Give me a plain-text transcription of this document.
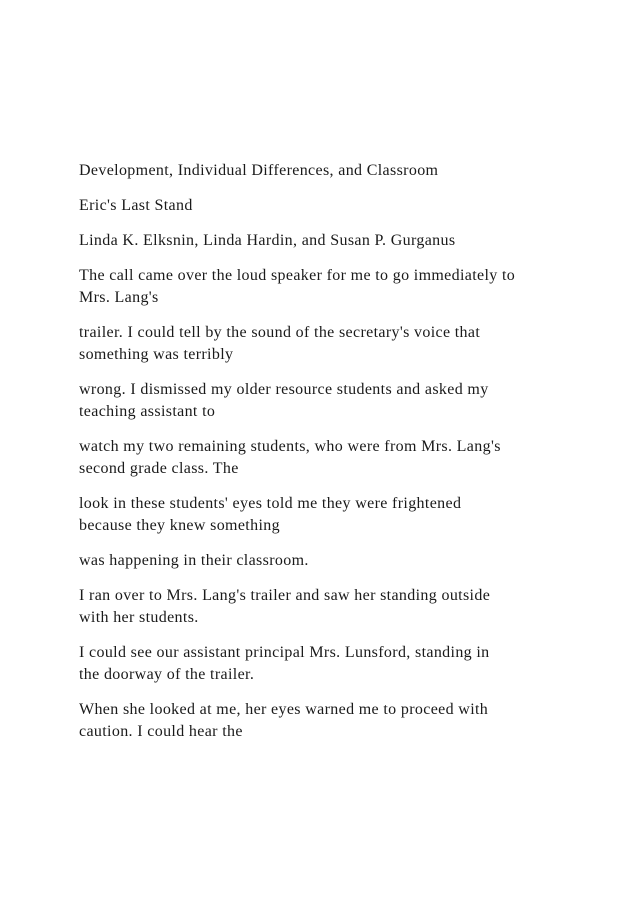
Development, Individual Differences, and Classroom

Eric's Last Stand

Linda K. Elksnin, Linda Hardin, and Susan P. Gurganus

The call came over the loud speaker for me to go immediately to
Mrs. Lang's

trailer. I could tell by the sound of the secretary's voice that
something was terribly

wrong. I dismissed my older resource students and asked my
teaching assistant to

watch my two remaining students, who were from Mrs. Lang's
second grade class. The

look in these students' eyes told me they were frightened
because they knew something

was happening in their classroom.

I ran over to Mrs. Lang's trailer and saw her standing outside
with her students.

I could see our assistant principal Mrs. Lunsford, standing in
the doorway of the trailer.

When she looked at me, her eyes warned me to proceed with
caution. I could hear the
